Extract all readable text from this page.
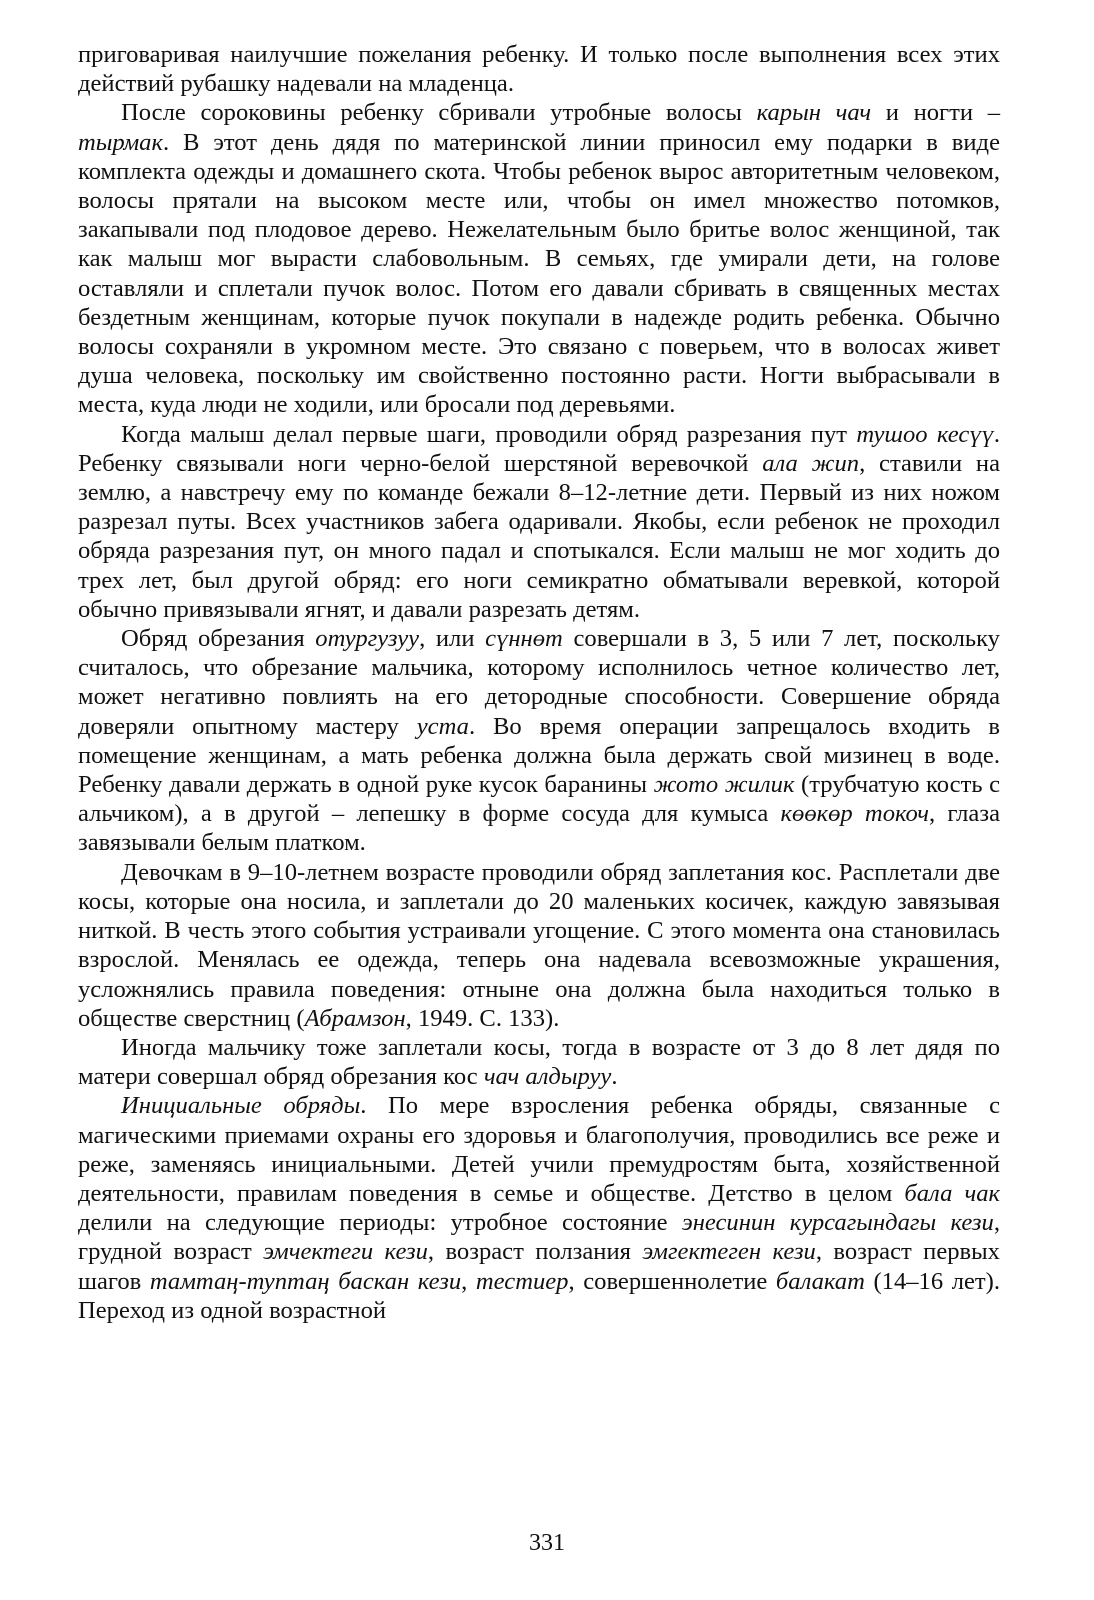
приговаривая наилучшие пожелания ребенку. И только после выполнения всех этих действий рубашку надевали на младенца.

После сороковины ребенку сбривали утробные волосы карын чач и ногти – тырмак. В этот день дядя по материнской линии приносил ему подарки в виде комплекта одежды и домашнего скота. Чтобы ребенок вырос авторитетным человеком, волосы прятали на высоком месте или, чтобы он имел множество потомков, закапывали под плодовое дерево. Нежелательным было бритье волос женщиной, так как малыш мог вырасти слабовольным. В семьях, где умирали дети, на голове оставляли и сплетали пучок волос. Потом его давали сбривать в священных местах бездетным женщинам, которые пучок покупали в надежде родить ребенка. Обычно волосы сохраняли в укромном месте. Это связано с поверьем, что в волосах живет душа человека, поскольку им свойственно постоянно расти. Ногти выбрасывали в места, куда люди не ходили, или бросали под деревьями.

Когда малыш делал первые шаги, проводили обряд разрезания пут тушоо кесүү. Ребенку связывали ноги черно-белой шерстяной веревочкой ала жип, ставили на землю, а навстречу ему по команде бежали 8–12-летние дети. Первый из них ножом разрезал путы. Всех участников забега одаривали. Якобы, если ребенок не проходил обряда разрезания пут, он много падал и спотыкался. Если малыш не мог ходить до трех лет, был другой обряд: его ноги семикратно обматывали веревкой, которой обычно привязывали ягнят, и давали разрезать детям.

Обряд обрезания отургузуу, или сүннөт совершали в 3, 5 или 7 лет, поскольку считалось, что обрезание мальчика, которому исполнилось четное количество лет, может негативно повлиять на его детородные способности. Совершение обряда доверяли опытному мастеру уста. Во время операции запрещалось входить в помещение женщинам, а мать ребенка должна была держать свой мизинец в воде. Ребенку давали держать в одной руке кусок баранины жото жилик (трубчатую кость с альчиком), а в другой – лепешку в форме сосуда для кумыса көөкөр токоч, глаза завязывали белым платком.

Девочкам в 9–10-летнем возрасте проводили обряд заплетания кос. Расплетали две косы, которые она носила, и заплетали до 20 маленьких косичек, каждую завязывая ниткой. В честь этого события устраивали угощение. С этого момента она становилась взрослой. Менялась ее одежда, теперь она надевала всевозможные украшения, усложнялись правила поведения: отныне она должна была находиться только в обществе сверстниц (Абрамзон, 1949. С. 133).

Иногда мальчику тоже заплетали косы, тогда в возрасте от 3 до 8 лет дядя по матери совершал обряд обрезания кос чач алдыруу.

Инициальные обряды. По мере взросления ребенка обряды, связанные с магическими приемами охраны его здоровья и благополучия, проводились все реже и реже, заменяясь инициальными. Детей учили премудростям быта, хозяйственной деятельности, правилам поведения в семье и обществе. Детство в целом бала чак делили на следующие периоды: утробное состояние энесинин курсагындагы кези, грудной возраст эмчектеги кези, возраст ползания эмгектеген кези, возраст первых шагов тамтаң-туптаң баскан кези, тестиер, совершеннолетие балакат (14–16 лет). Переход из одной возрастной

331
